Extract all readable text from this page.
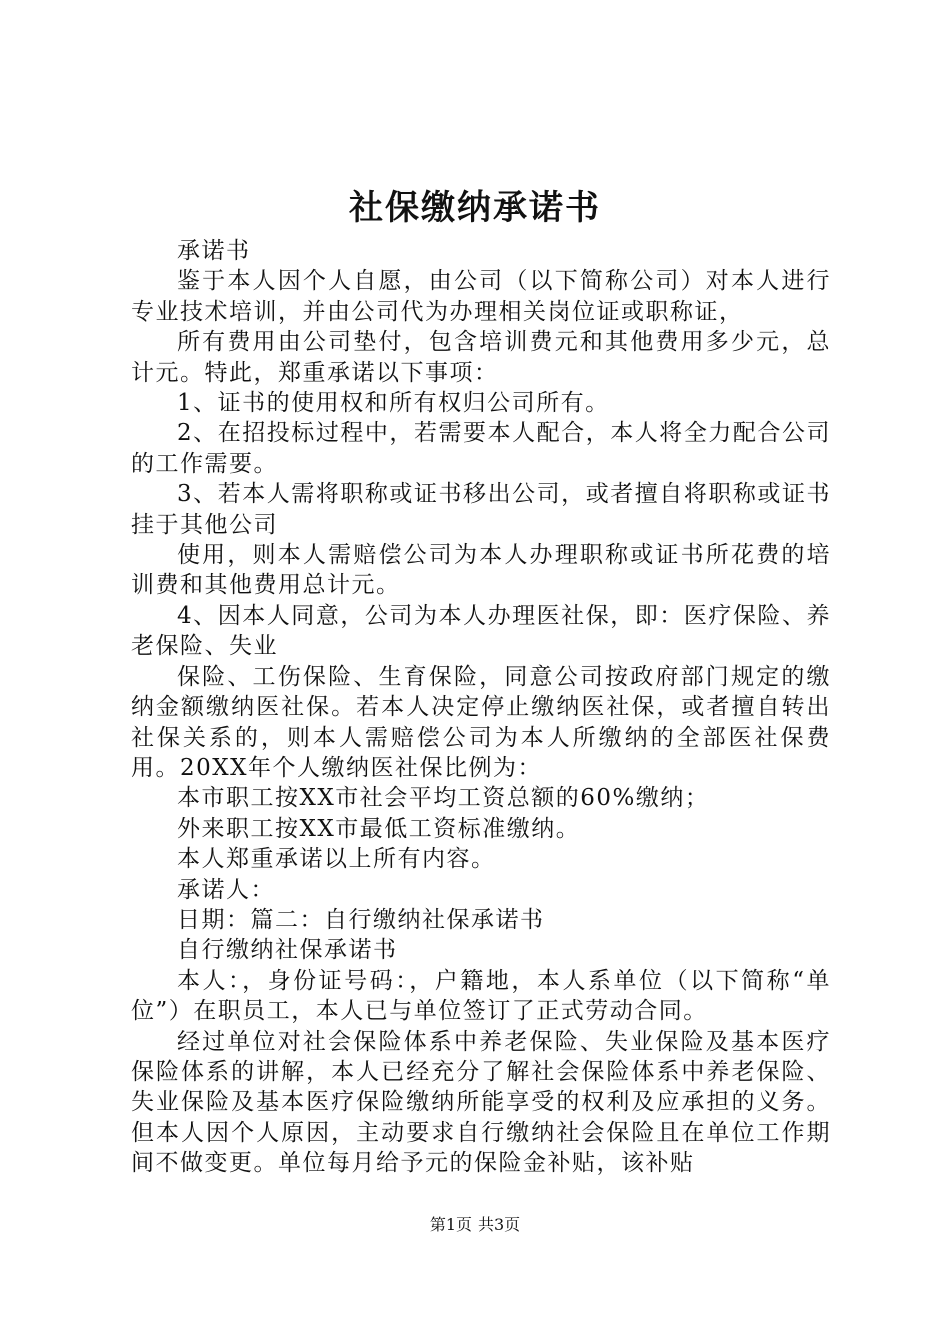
社保缴纳承诺书

承诺书

鉴于本人因个人自愿，由公司（以下简称公司）对本人进行专业技术培训，并由公司代为办理相关岗位证或职称证，

所有费用由公司垫付，包含培训费元和其他费用多少元，总计元。特此，郑重承诺以下事项：

1、证书的使用权和所有权归公司所有。

2、在招投标过程中，若需要本人配合，本人将全力配合公司的工作需要。

3、若本人需将职称或证书移出公司，或者擅自将职称或证书挂于其他公司

使用，则本人需赔偿公司为本人办理职称或证书所花费的培训费和其他费用总计元。

4、因本人同意，公司为本人办理医社保，即：医疗保险、养老保险、失业

保险、工伤保险、生育保险，同意公司按政府部门规定的缴纳金额缴纳医社保。若本人决定停止缴纳医社保，或者擅自转出社保关系的，则本人需赔偿公司为本人所缴纳的全部医社保费用。20XX年个人缴纳医社保比例为：

本市职工按XX市社会平均工资总额的60%缴纳；

外来职工按XX市最低工资标准缴纳。

本人郑重承诺以上所有内容。

承诺人：

日期：篇二：自行缴纳社保承诺书

自行缴纳社保承诺书

本人：，身份证号码：，户籍地，本人系单位（以下简称“单位”）在职员工，本人已与单位签订了正式劳动合同。

经过单位对社会保险体系中养老保险、失业保险及基本医疗保险体系的讲解，本人已经充分了解社会保险体系中养老保险、失业保险及基本医疗保险缴纳所能享受的权利及应承担的义务。但本人因个人原因，主动要求自行缴纳社会保险且在单位工作期间不做变更。单位每月给予元的保险金补贴，该补贴

第1页 共3页
